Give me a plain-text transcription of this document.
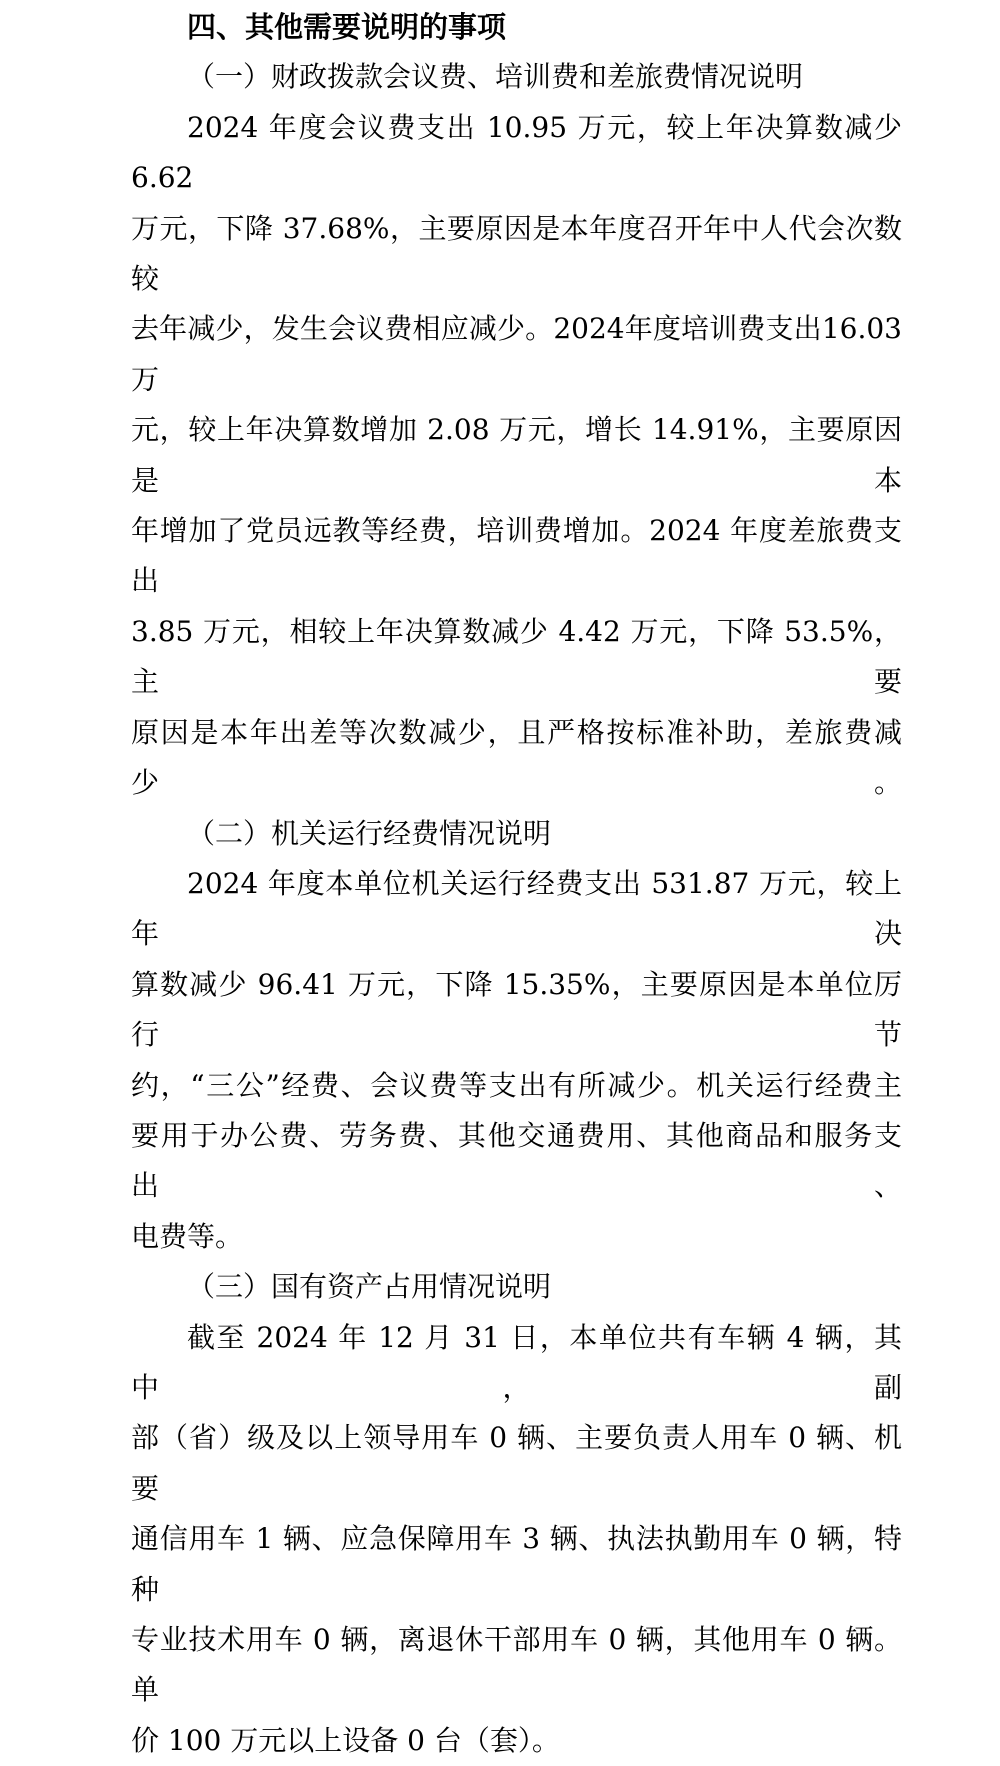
四、其他需要说明的事项
（一）财政拨款会议费、培训费和差旅费情况说明
2024 年度会议费支出 10.95 万元，较上年决算数减少 6.62
万元，下降 37.68%，主要原因是本年度召开年中人代会次数较
去年减少，发生会议费相应减少。2024年度培训费支出16.03万
元，较上年决算数增加 2.08 万元，增长 14.91%，主要原因是本
年增加了党员远教等经费，培训费增加。2024 年度差旅费支出
3.85 万元，相较上年决算数减少 4.42 万元，下降 53.5%，主要
原因是本年出差等次数减少，且严格按标准补助，差旅费减少。
（二）机关运行经费情况说明
2024 年度本单位机关运行经费支出 531.87 万元，较上年决
算数减少 96.41 万元，下降 15.35%，主要原因是本单位厉行节
约，“三公”经费、会议费等支出有所减少。机关运行经费主
要用于办公费、劳务费、其他交通费用、其他商品和服务支出、
电费等。
（三）国有资产占用情况说明
截至 2024 年 12 月 31 日，本单位共有车辆 4 辆，其中，副
部（省）级及以上领导用车 0 辆、主要负责人用车 0 辆、机要
通信用车 1 辆、应急保障用车 3 辆、执法执勤用车 0 辆，特种
专业技术用车 0 辆，离退休干部用车 0 辆，其他用车 0 辆。单
价 100 万元以上设备 0 台（套）。
